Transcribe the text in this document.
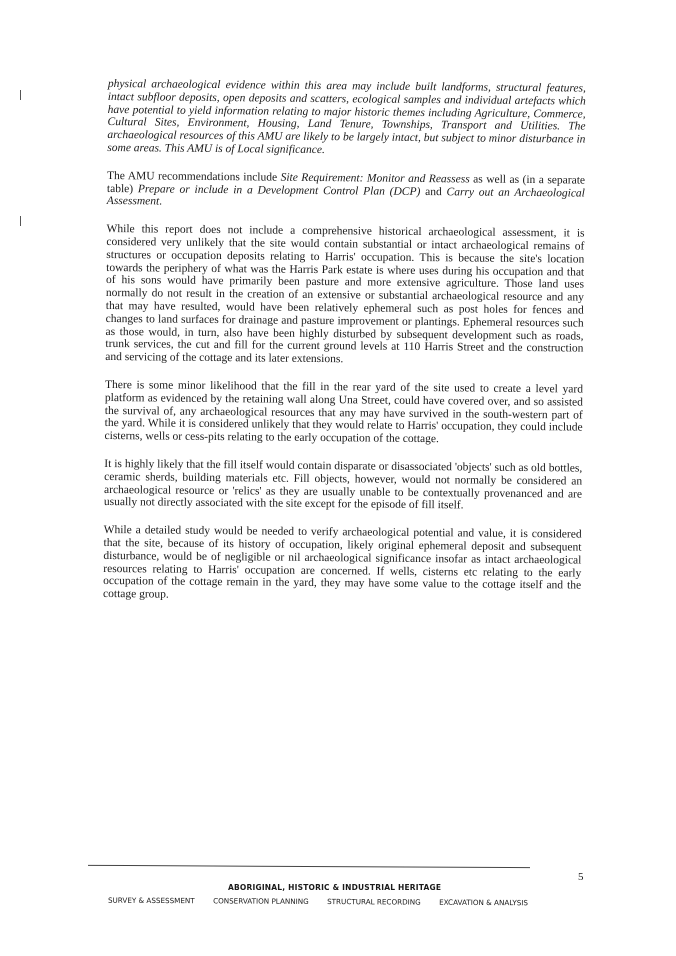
physical archaeological evidence within this area may include built landforms, structural features, intact subfloor deposits, open deposits and scatters, ecological samples and individual artefacts which have potential to yield information relating to major historic themes including Agriculture, Commerce, Cultural Sites, Environment, Housing, Land Tenure, Townships, Transport and Utilities. The archaeological resources of this AMU are likely to be largely intact, but subject to minor disturbance in some areas. This AMU is of Local significance.

The AMU recommendations include Site Requirement: Monitor and Reassess as well as (in a separate table) Prepare or include in a Development Control Plan (DCP) and Carry out an Archaeological Assessment.

While this report does not include a comprehensive historical archaeological assessment, it is considered very unlikely that the site would contain substantial or intact archaeological remains of structures or occupation deposits relating to Harris' occupation. This is because the site's location towards the periphery of what was the Harris Park estate is where uses during his occupation and that of his sons would have primarily been pasture and more extensive agriculture. Those land uses normally do not result in the creation of an extensive or substantial archaeological resource and any that may have resulted, would have been relatively ephemeral such as post holes for fences and changes to land surfaces for drainage and pasture improvement or plantings. Ephemeral resources such as those would, in turn, also have been highly disturbed by subsequent development such as roads, trunk services, the cut and fill for the current ground levels at 110 Harris Street and the construction and servicing of the cottage and its later extensions.

There is some minor likelihood that the fill in the rear yard of the site used to create a level yard platform as evidenced by the retaining wall along Una Street, could have covered over, and so assisted the survival of, any archaeological resources that any may have survived in the south-western part of the yard. While it is considered unlikely that they would relate to Harris' occupation, they could include cisterns, wells or cess-pits relating to the early occupation of the cottage.

It is highly likely that the fill itself would contain disparate or disassociated 'objects' such as old bottles, ceramic sherds, building materials etc. Fill objects, however, would not normally be considered an archaeological resource or 'relics' as they are usually unable to be contextually provenanced and are usually not directly associated with the site except for the episode of fill itself.

While a detailed study would be needed to verify archaeological potential and value, it is considered that the site, because of its history of occupation, likely original ephemeral deposit and subsequent disturbance, would be of negligible or nil archaeological significance insofar as intact archaeological resources relating to Harris' occupation are concerned. If wells, cisterns etc relating to the early occupation of the cottage remain in the yard, they may have some value to the cottage itself and the cottage group.

5
ABORIGINAL, HISTORIC & INDUSTRIAL HERITAGE
SURVEY & ASSESSMENT	CONSERVATION PLANNING	STRUCTURAL RECORDING	EXCAVATION & ANALYSIS
